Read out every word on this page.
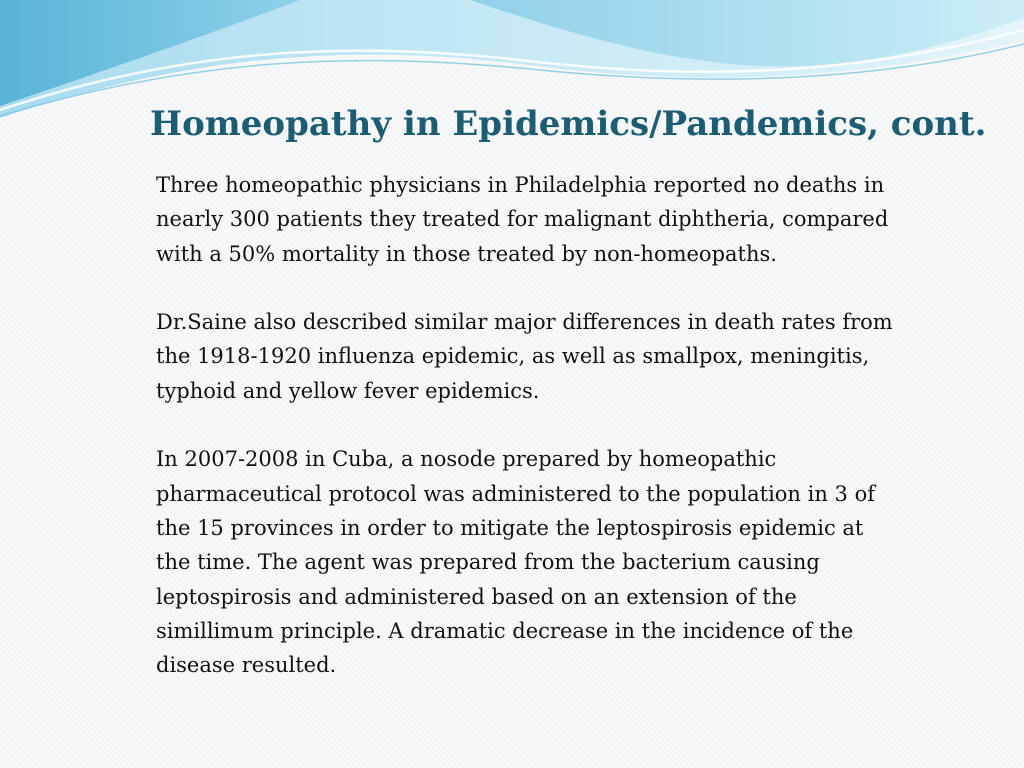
Homeopathy in Epidemics/Pandemics, cont.

Three homeopathic physicians in Philadelphia reported no deaths in nearly 300 patients they treated for malignant diphtheria, compared with a 50% mortality in those treated by non-homeopaths.

Dr.Saine also described similar major differences in death rates from the 1918-1920 influenza epidemic, as well as smallpox, meningitis, typhoid and yellow fever epidemics.

In 2007-2008 in Cuba, a nosode prepared by homeopathic pharmaceutical protocol was administered to the population in 3 of the 15 provinces in order to mitigate the leptospirosis epidemic at the time. The agent was prepared from the bacterium causing leptospirosis and administered based on an extension of the simillimum principle. A dramatic decrease in the incidence of the disease resulted.
